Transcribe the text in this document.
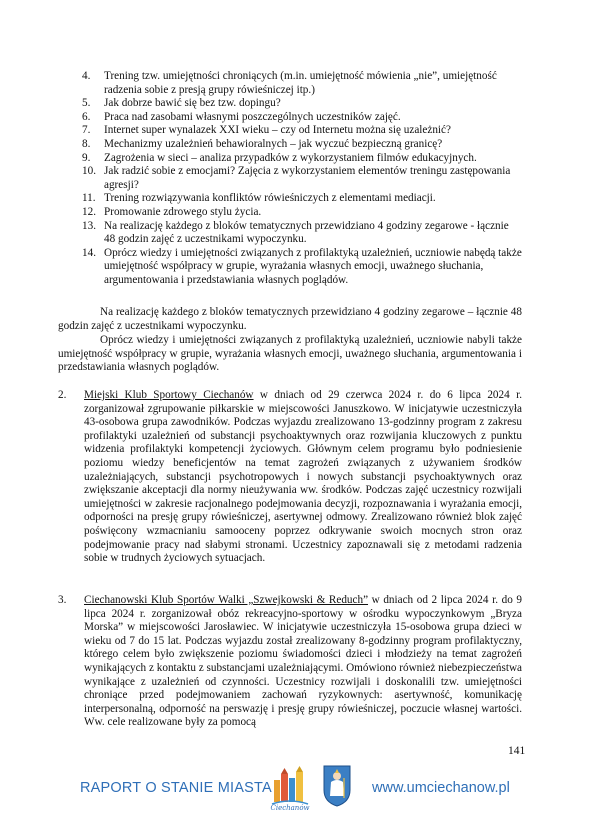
4. Trening tzw. umiejętności chroniących (m.in. umiejętność mówienia „nie”, umiejętność radzenia sobie z presją grupy rówieśniczej itp.)
5. Jak dobrze bawić się bez tzw. dopingu?
6. Praca nad zasobami własnymi poszczególnych uczestników zajęć.
7. Internet super wynalazek XXI wieku – czy od Internetu można się uzależnić?
8. Mechanizmy uzależnień behawioralnych – jak wyczuć bezpieczną granicę?
9. Zagrożenia w sieci – analiza przypadków z wykorzystaniem filmów edukacyjnych.
10. Jak radzić sobie z emocjami? Zajęcia z wykorzystaniem elementów treningu zastępowania agresji?
11. Trening rozwiązywania konfliktów rówieśniczych z elementami mediacji.
12. Promowanie zdrowego stylu życia.
13. Na realizację każdego z bloków tematycznych przewidziano 4 godziny zegarowe - łącznie 48 godzin zajęć z uczestnikami wypoczynku.
14. Oprócz wiedzy i umiejętności związanych z profilaktyką uzależnień, uczniowie nabędą także umiejętność współpracy w grupie, wyrażania własnych emocji, uważnego słuchania, argumentowania i przedstawiania własnych poglądów.

Na realizację każdego z bloków tematycznych przewidziano 4 godziny zegarowe – łącznie 48 godzin zajęć z uczestnikami wypoczynku.

Oprócz wiedzy i umiejętności związanych z profilaktyką uzależnień, uczniowie nabyli także umiejętność współpracy w grupie, wyrażania własnych emocji, uważnego słuchania, argumentowania i przedstawiania własnych poglądów.

2. Miejski Klub Sportowy Ciechanów w dniach od 29 czerwca 2024 r. do 6 lipca 2024 r. zorganizował zgrupowanie piłkarskie w miejscowości Januszkowo. W inicjatywie uczestniczyła 43-osobowa grupa zawodników. Podczas wyjazdu zrealizowano 13-godzinny program z zakresu profilaktyki uzależnień od substancji psychoaktywnych oraz rozwijania kluczowych z punktu widzenia profilaktyki kompetencji życiowych. Głównym celem programu było podniesienie poziomu wiedzy beneficjentów na temat zagrożeń związanych z używaniem środków uzależniających, substancji psychotropowych i nowych substancji psychoaktywnych oraz zwiększanie akceptacji dla normy nieużywania ww. środków. Podczas zajęć uczestnicy rozwijali umiejętności w zakresie racjonalnego podejmowania decyzji, rozpoznawania i wyrażania emocji, odporności na presję grupy rówieśniczej, asertywnej odmowy. Zrealizowano również blok zajęć poświęcony wzmacnianiu samooceny poprzez odkrywanie swoich mocnych stron oraz podejmowanie pracy nad słabymi stronami. Uczestnicy zapoznawali się z metodami radzenia sobie w trudnych życiowych sytuacjach.
3. Ciechanowski Klub Sportów Walki „Szwejkowski & Reduch” w dniach od 2 lipca 2024 r. do 9 lipca 2024 r. zorganizował obóz rekreacyjno-sportowy w ośrodku wypoczynkowym „Bryza Morska” w miejscowości Jarosławiec. W inicjatywie uczestniczyła 15-osobowa grupa dzieci w wieku od 7 do 15 lat. Podczas wyjazdu został zrealizowany 8-godzinny program profilaktyczny, którego celem było zwiększenie poziomu świadomości dzieci i młodzieży na temat zagrożeń wynikających z kontaktu z substancjami uzależniającymi. Omówiono również niebezpieczeństwa wynikające z uzależnień od czynności. Uczestnicy rozwijali i doskonalili tzw. umiejętności chroniące przed podejmowaniem zachowań ryzykownych: asertywność, komunikację interpersonalną, odporność na perswazję i presję grupy rówieśniczej, poczucie własnej wartości. Ww. cele realizowane były za pomocą
141
RAPORT O STANIE MIASTA
Ciechanów
www.umciechanow.pl
